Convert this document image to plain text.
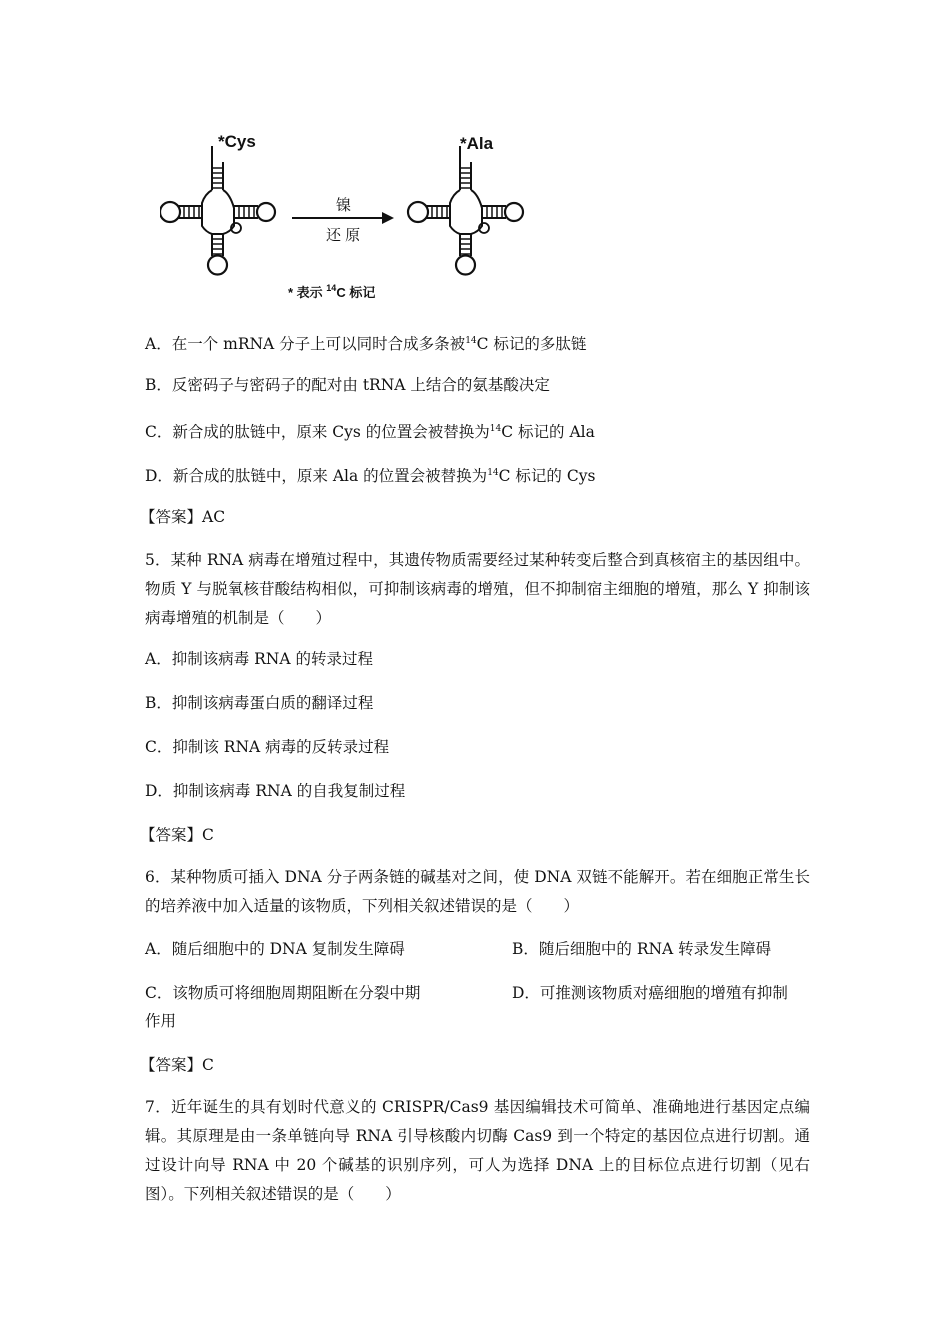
*Cys	*Ala
镍
还 原
* 表示 $^{14}$C 标记
A．在一个 mRNA 分子上可以同时合成多条被$^{14}$C 标记的多肽链
B．反密码子与密码子的配对由 tRNA 上结合的氨基酸决定
C．新合成的肽链中，原来 Cys 的位置会被替换为$^{14}$C 标记的 Ala
D．新合成的肽链中，原来 Ala 的位置会被替换为$^{14}$C 标记的 Cys
【答案】AC
5．某种 RNA 病毒在增殖过程中，其遗传物质需要经过某种转变后整合到真核宿主的基因组中。物质 Y 与脱氧核苷酸结构相似，可抑制该病毒的增殖，但不抑制宿主细胞的增殖，那么 Y 抑制该病毒增殖的机制是（　　）
A．抑制该病毒 RNA 的转录过程
B．抑制该病毒蛋白质的翻译过程
C．抑制该 RNA 病毒的反转录过程
D．抑制该病毒 RNA 的自我复制过程
【答案】C
6．某种物质可插入 DNA 分子两条链的碱基对之间，使 DNA 双链不能解开。若在细胞正常生长的培养液中加入适量的该物质，下列相关叙述错误的是（　　）
A．随后细胞中的 DNA 复制发生障碍	B．随后细胞中的 RNA 转录发生障碍
C．该物质可将细胞周期阻断在分裂中期	D．可推测该物质对癌细胞的增殖有抑制
作用
【答案】C
7．近年诞生的具有划时代意义的 CRISPR/Cas9 基因编辑技术可简单、准确地进行基因定点编辑。其原理是由一条单链向导 RNA 引导核酸内切酶 Cas9 到一个特定的基因位点进行切割。通过设计向导 RNA 中 20 个碱基的识别序列，可人为选择 DNA 上的目标位点进行切割（见右图）。下列相关叙述错误的是（　　）
